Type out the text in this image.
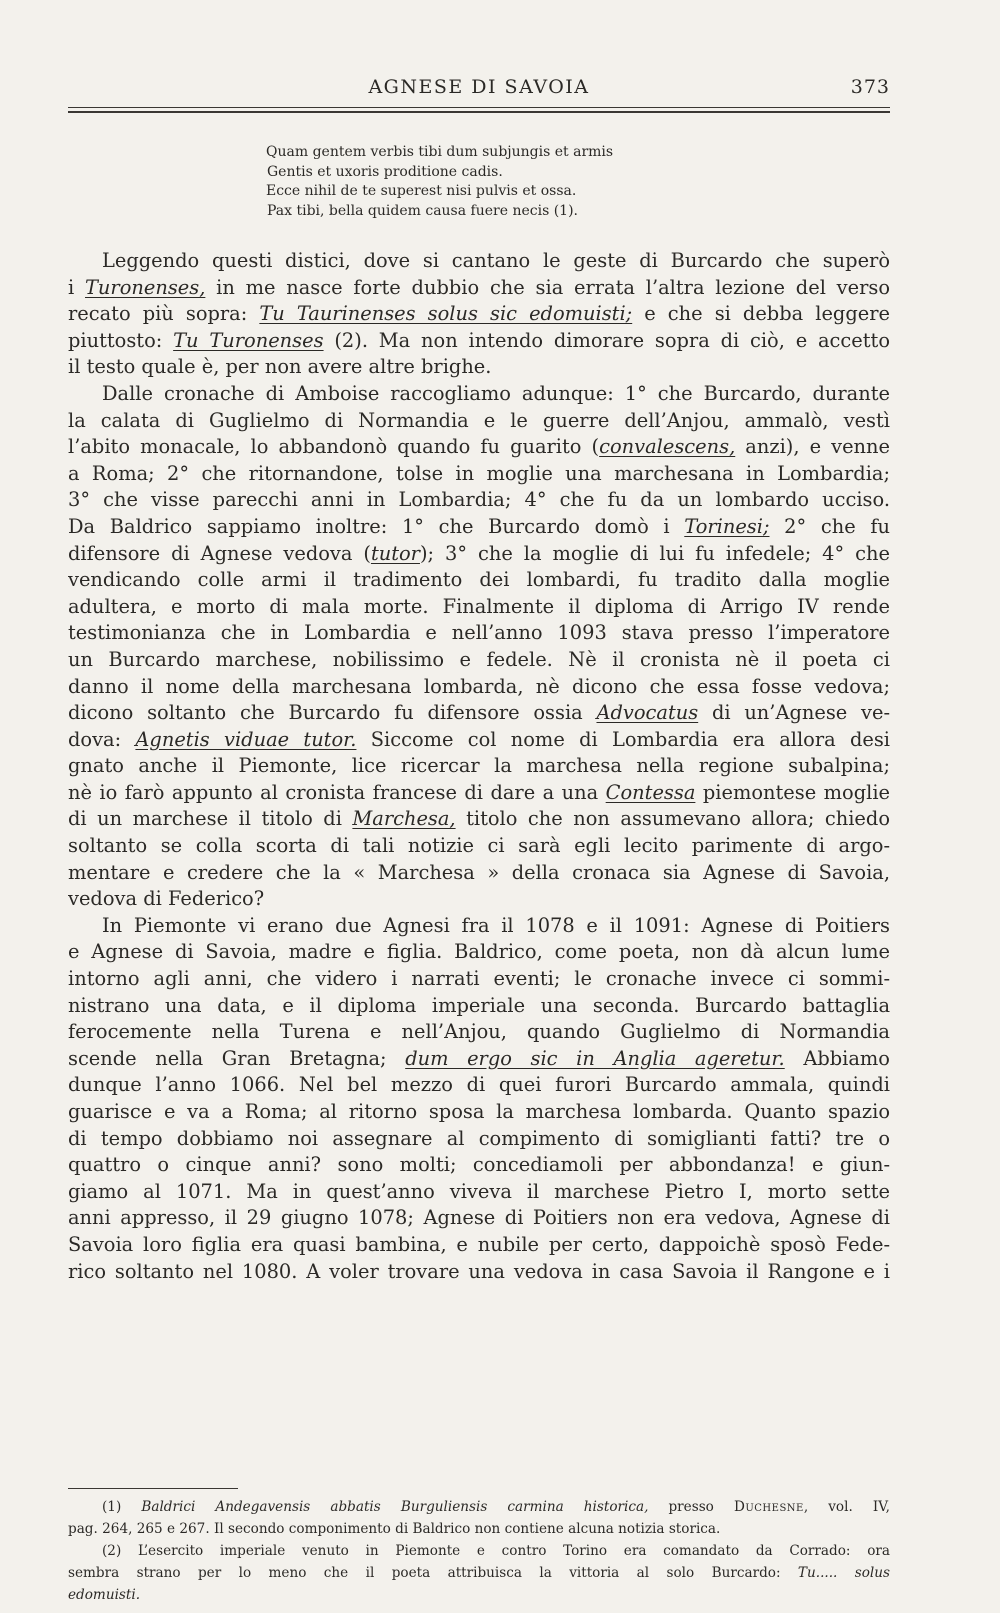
AGNESE DI SAVOIA	373
Quam gentem verbis tibi dum subjungis et armis
Gentis et uxoris proditione cadis.
Ecce nihil de te superest nisi pulvis et ossa.
Pax tibi, bella quidem causa fuere necis (1).
Leggendo questi distici, dove si cantano le geste di Burcardo che superò
i Turonenses, in me nasce forte dubbio che sia errata l’altra lezione del verso
recato più sopra: Tu Taurinenses solus sic edomuisti; e che si debba leggere
piuttosto: Tu Turonenses (2). Ma non intendo dimorare sopra di ciò, e accetto
il testo quale è, per non avere altre brighe.
Dalle cronache di Amboise raccogliamo adunque: 1° che Burcardo, durante
la calata di Guglielmo di Normandia e le guerre dell’Anjou, ammalò, vestì
l’abito monacale, lo abbandonò quando fu guarito (convalescens, anzi), e venne
a Roma; 2° che ritornandone, tolse in moglie una marchesana in Lombardia;
3° che visse parecchi anni in Lombardia; 4° che fu da un lombardo ucciso.
Da Baldrico sappiamo inoltre: 1° che Burcardo domò i Torinesi; 2° che fu
difensore di Agnese vedova (tutor); 3° che la moglie di lui fu infedele; 4° che
vendicando colle armi il tradimento dei lombardi, fu tradito dalla moglie
adultera, e morto di mala morte. Finalmente il diploma di Arrigo IV rende
testimonianza che in Lombardia e nell’anno 1093 stava presso l’imperatore
un Burcardo marchese, nobilissimo e fedele. Nè il cronista nè il poeta ci
danno il nome della marchesana lombarda, nè dicono che essa fosse vedova;
dicono soltanto che Burcardo fu difensore ossia Advocatus di un’Agnese ve-
dova: Agnetis viduae tutor. Siccome col nome di Lombardia era allora desi
gnato anche il Piemonte, lice ricercar la marchesa nella regione subalpina;
nè io farò appunto al cronista francese di dare a una Contessa piemontese moglie
di un marchese il titolo di Marchesa, titolo che non assumevano allora; chiedo
soltanto se colla scorta di tali notizie ci sarà egli lecito parimente di argo-
mentare e credere che la « Marchesa » della cronaca sia Agnese di Savoia,
vedova di Federico?
In Piemonte vi erano due Agnesi fra il 1078 e il 1091: Agnese di Poitiers
e Agnese di Savoia, madre e figlia. Baldrico, come poeta, non dà alcun lume
intorno agli anni, che videro i narrati eventi; le cronache invece ci sommi-
nistrano una data, e il diploma imperiale una seconda. Burcardo battaglia
ferocemente nella Turena e nell’Anjou, quando Guglielmo di Normandia
scende nella Gran Bretagna; dum ergo sic in Anglia ageretur. Abbiamo
dunque l’anno 1066. Nel bel mezzo di quei furori Burcardo ammala, quindi
guarisce e va a Roma; al ritorno sposa la marchesa lombarda. Quanto spazio
di tempo dobbiamo noi assegnare al compimento di somiglianti fatti? tre o
quattro o cinque anni? sono molti; concediamoli per abbondanza! e giun-
giamo al 1071. Ma in quest’anno viveva il marchese Pietro I, morto sette
anni appresso, il 29 giugno 1078; Agnese di Poitiers non era vedova, Agnese di
Savoia loro figlia era quasi bambina, e nubile per certo, dappoichè sposò Fede-
rico soltanto nel 1080. A voler trovare una vedova in casa Savoia il Rangone e i
(1) Baldrici Andegavensis abbatis Burguliensis carmina historica, presso Duchesne, vol. IV,
pag. 264, 265 e 267. Il secondo componimento di Baldrico non contiene alcuna notizia storica.
(2) L’esercito imperiale venuto in Piemonte e contro Torino era comandato da Corrado: ora
sembra strano per lo meno che il poeta attribuisca la vittoria al solo Burcardo: Tu..... solus
edomuisti.
